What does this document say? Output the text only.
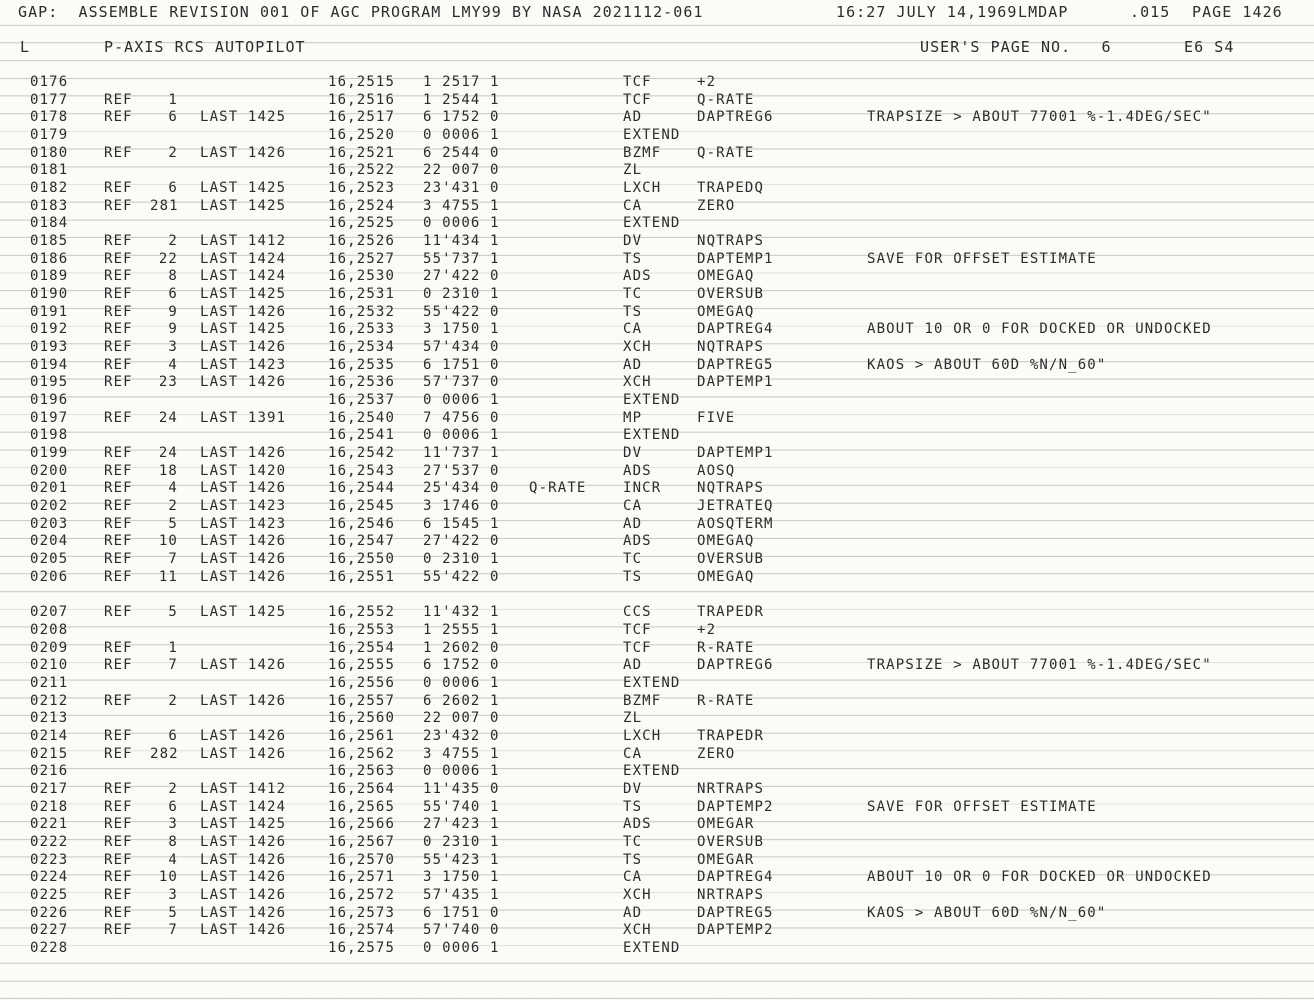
GAP:  ASSEMBLE REVISION 001 OF AGC PROGRAM LMY99 BY NASA 2021112-061

	16:27 JULY 14,1969

LMDAP

	.015

PAGE 1426

L

	P-AXIS RCS AUTOPILOT

	USER'S PAGE NO.   6

	E6 S4

0176	16,2515 1 2517 1	TCF	+2
0177	REF	1	16,2516 1 2544 1	TCF	Q-RATE
0178	REF	6 LAST 1425	16,2517 6 1752 0	AD	DAPTREG6	TRAPSIZE > ABOUT 77001 %-1.4DEG/SEC"
0179	16,2520 0 0006 1	EXTEND
0180	REF	2 LAST 1426	16,2521 6 2544 0	BZMF	Q-RATE
0181	16,2522 22 007 0	ZL
0182	REF	6 LAST 1425	16,2523 23'431 0	LXCH	TRAPEDQ
0183	REF 281 LAST 1425	16,2524 3 4755 1	CA	ZERO
0184	16,2525 0 0006 1	EXTEND
0185	REF	2 LAST 1412	16,2526 11'434 1	DV	NQTRAPS
0186	REF	22 LAST 1424	16,2527 55'737 1	TS	DAPTEMP1	SAVE FOR OFFSET ESTIMATE
0189	REF	8 LAST 1424	16,2530 27'422 0	ADS	OMEGAQ
0190	REF	6 LAST 1425	16,2531 0 2310 1	TC	OVERSUB
0191	REF	9 LAST 1426	16,2532 55'422 0	TS	OMEGAQ
0192	REF	9 LAST 1425	16,2533 3 1750 1	CA	DAPTREG4	ABOUT 10 OR 0 FOR DOCKED OR UNDOCKED
0193	REF	3 LAST 1426	16,2534 57'434 0	XCH	NQTRAPS
0194	REF	4 LAST 1423	16,2535 6 1751 0	AD	DAPTREG5	KAOS > ABOUT 60D %N/N_60"
0195	REF	23 LAST 1426	16,2536 57'737 0	XCH	DAPTEMP1
0196	16,2537 0 0006 1	EXTEND
0197	REF	24 LAST 1391	16,2540 7 4756 0	MP	FIVE
0198	16,2541 0 0006 1	EXTEND
0199	REF	24 LAST 1426	16,2542 11'737 1	DV	DAPTEMP1
0200	REF	18 LAST 1420	16,2543 27'537 0	ADS	AOSQ
0201	REF	4 LAST 1426	16,2544 25'434 0 Q-RATE	INCR	NQTRAPS
0202	REF	2 LAST 1423	16,2545 3 1746 0	CA	JETRATEQ
0203	REF	5 LAST 1423	16,2546 6 1545 1	AD	AOSQTERM
0204	REF	10 LAST 1426	16,2547 27'422 0	ADS	OMEGAQ
0205	REF	7 LAST 1426	16,2550 0 2310 1	TC	OVERSUB
0206	REF	11 LAST 1426	16,2551 55'422 0	TS	OMEGAQ
0207	REF	5 LAST 1425	16,2552 11'432 1	CCS	TRAPEDR
0208	16,2553 1 2555 1	TCF	+2
0209	REF	1	16,2554 1 2602 0	TCF	R-RATE
0210	REF	7 LAST 1426	16,2555 6 1752 0	AD	DAPTREG6	TRAPSIZE > ABOUT 77001 %-1.4DEG/SEC"
0211	16,2556 0 0006 1	EXTEND
0212	REF	2 LAST 1426	16,2557 6 2602 1	BZMF	R-RATE
0213	16,2560 22 007 0	ZL
0214	REF	6 LAST 1426	16,2561 23'432 0	LXCH	TRAPEDR
0215	REF 282 LAST 1426	16,2562 3 4755 1	CA	ZERO
0216	16,2563 0 0006 1	EXTEND
0217	REF	2 LAST 1412	16,2564 11'435 0	DV	NRTRAPS
0218	REF	6 LAST 1424	16,2565 55'740 1	TS	DAPTEMP2	SAVE FOR OFFSET ESTIMATE
0221	REF	3 LAST 1425	16,2566 27'423 1	ADS	OMEGAR
0222	REF	8 LAST 1426	16,2567 0 2310 1	TC	OVERSUB
0223	REF	4 LAST 1426	16,2570 55'423 1	TS	OMEGAR
0224	REF	10 LAST 1426	16,2571 3 1750 1	CA	DAPTREG4	ABOUT 10 OR 0 FOR DOCKED OR UNDOCKED
0225	REF	3 LAST 1426	16,2572 57'435 1	XCH	NRTRAPS
0226	REF	5 LAST 1426	16,2573 6 1751 0	AD	DAPTREG5	KAOS > ABOUT 60D %N/N_60"
0227	REF	7 LAST 1426	16,2574 57'740 0	XCH	DAPTEMP2
0228	16,2575 0 0006 1	EXTEND
